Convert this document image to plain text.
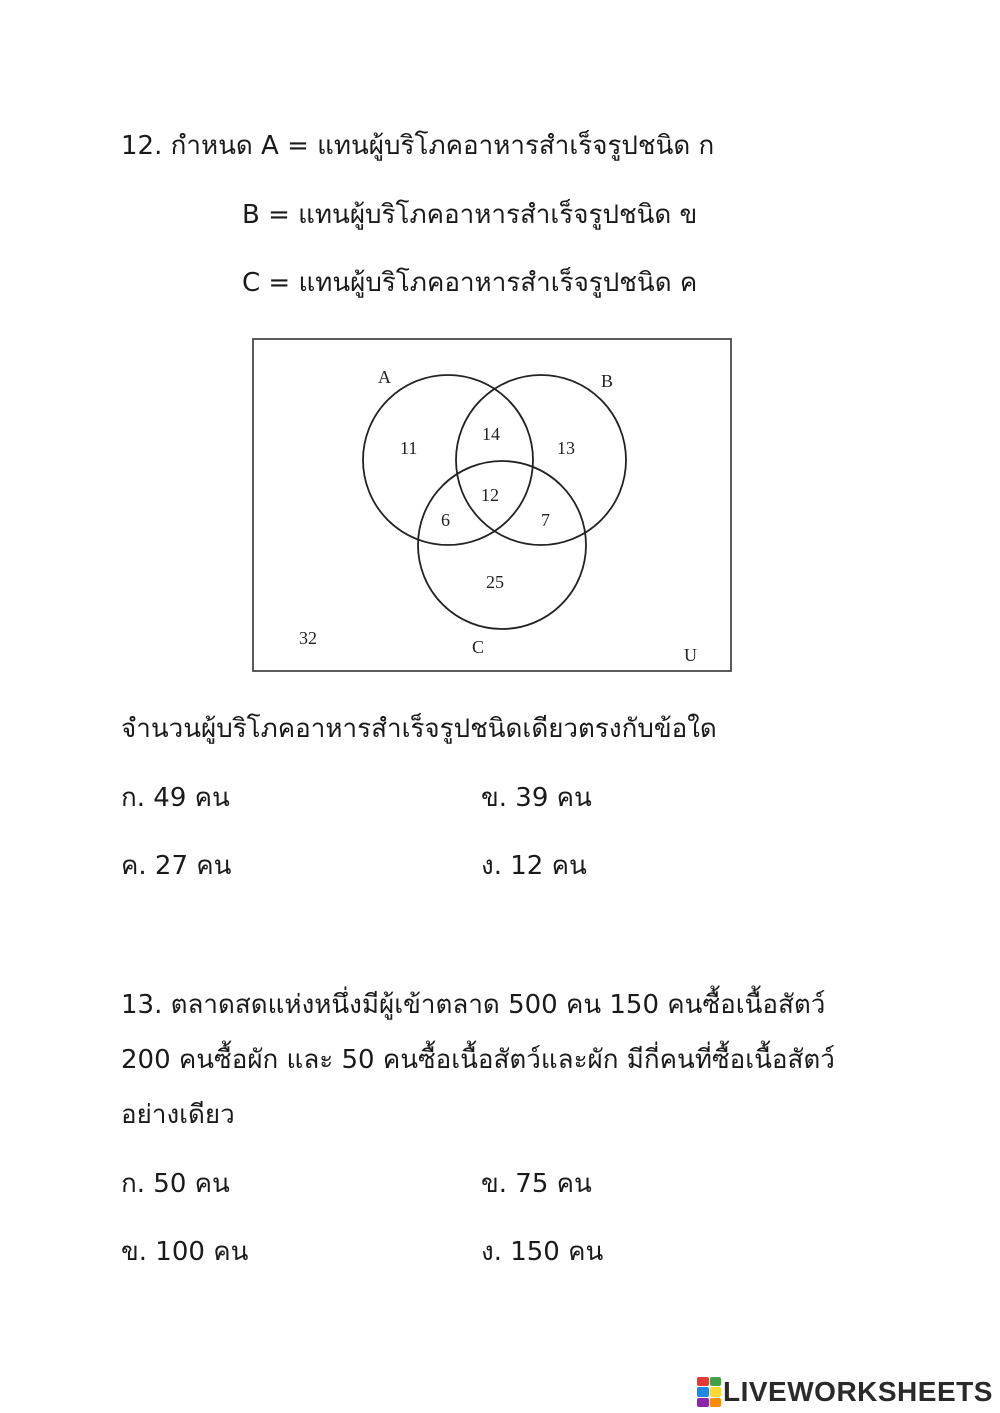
12. กำหนด A = แทนผู้บริโภคอาหารสำเร็จรูปชนิด ก
B = แทนผู้บริโภคอาหารสำเร็จรูปชนิด ข
C = แทนผู้บริโภคอาหารสำเร็จรูปชนิด ค
A	B
C	U
11
14
13
12
6	7
25
32
จำนวนผู้บริโภคอาหารสำเร็จรูปชนิดเดียวตรงกับข้อใด
ก. 49 คน	ข. 39 คน
ค. 27 คน	ง. 12 คน
13. ตลาดสดแห่งหนึ่งมีผู้เข้าตลาด 500 คน 150 คนซื้อเนื้อสัตว์
200 คนซื้อผัก และ 50 คนซื้อเนื้อสัตว์และผัก มีกี่คนที่ซื้อเนื้อสัตว์
อย่างเดียว
ก. 50 คน	ข. 75 คน
ข. 100 คน	ง. 150 คน
LIVEWORKSHEETS
